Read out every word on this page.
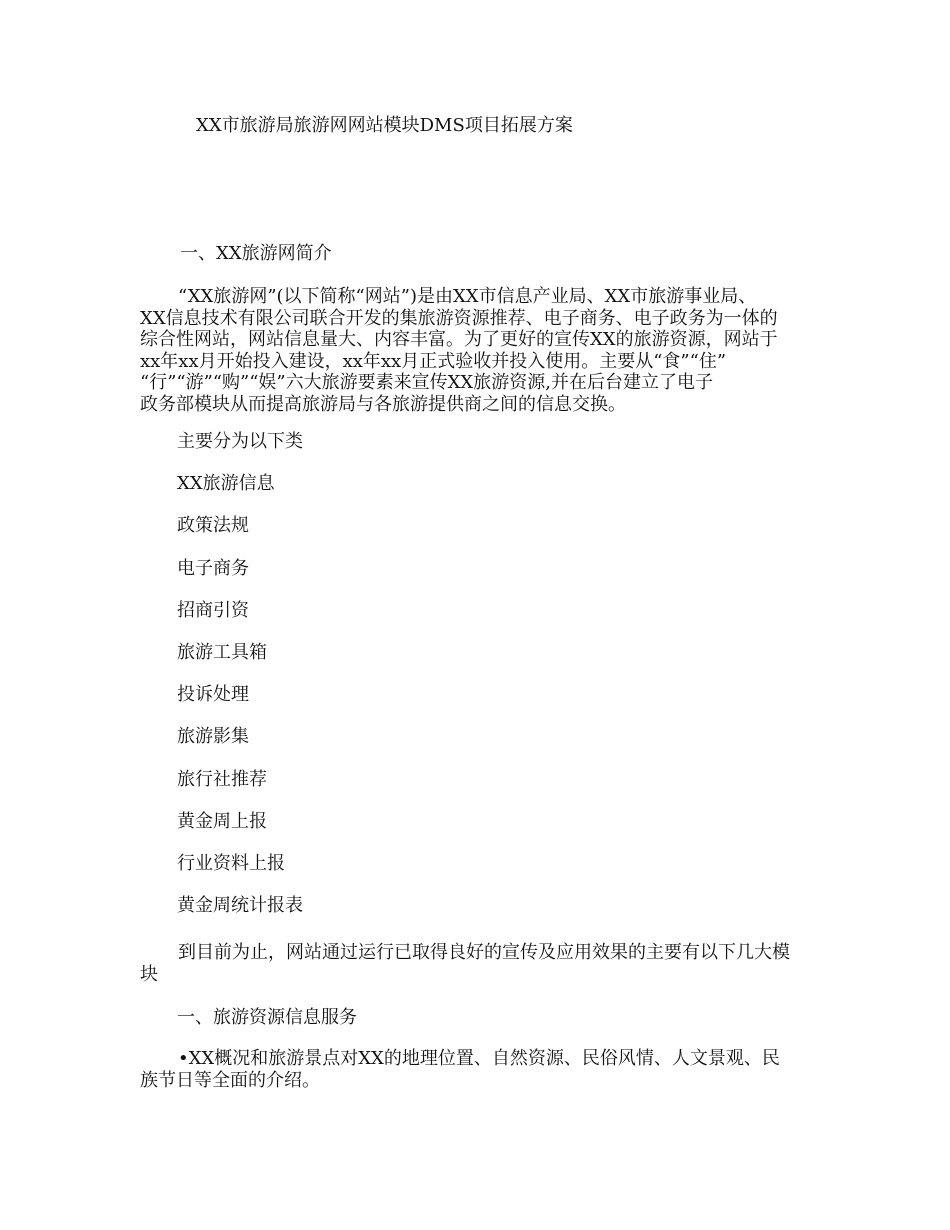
XX市旅游局旅游网网站模块DMS项目拓展方案
一、XX旅游网简介
“XX旅游网”(以下简称“网站”)是由XX市信息产业局、XX市旅游事业局、
XX信息技术有限公司联合开发的集旅游资源推荐、电子商务、电子政务为一体的
综合性网站，网站信息量大、内容丰富。为了更好的宣传XX的旅游资源，网站于
xx年xx月开始投入建设，xx年xx月正式验收并投入使用。主要从“食”“住”
“行”“游”“购”“娱”六大旅游要素来宣传XX旅游资源,并在后台建立了电子
政务部模块从而提高旅游局与各旅游提供商之间的信息交换。
主要分为以下类
XX旅游信息
政策法规
电子商务
招商引资
旅游工具箱
投诉处理
旅游影集
旅行社推荐
黄金周上报
行业资料上报
黄金周统计报表
到目前为止，网站通过运行已取得良好的宣传及应用效果的主要有以下几大模
块
一、旅游资源信息服务
•XX概况和旅游景点对XX的地理位置、自然资源、民俗风情、人文景观、民
族节日等全面的介绍。
